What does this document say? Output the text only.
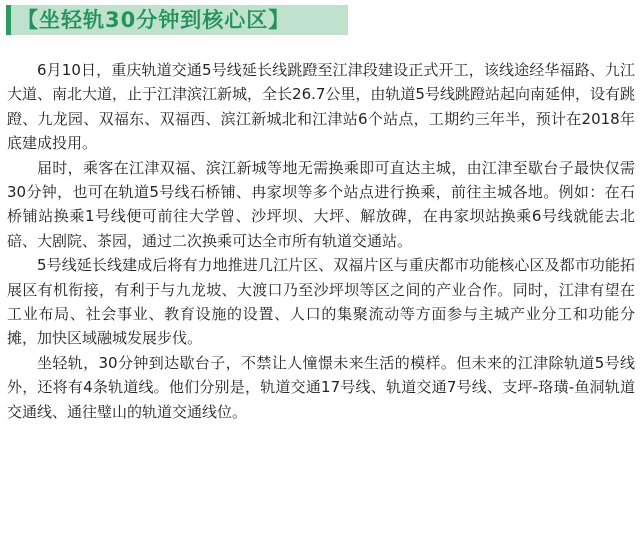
【坐轻轨30分钟到核心区】

6月10日，重庆轨道交通5号线延长线跳蹬至江津段建设正式开工，该线途经华福路、九江大道、南北大道，止于江津滨江新城，全长26.7公里，由轨道5号线跳蹬站起向南延伸，设有跳蹬、九龙园、双福东、双福西、滨江新城北和江津站6个站点，工期约三年半，预计在2018年底建成投用。

届时，乘客在江津双福、滨江新城等地无需换乘即可直达主城，由江津至歇台子最快仅需30分钟，也可在轨道5号线石桥铺、冉家坝等多个站点进行换乘，前往主城各地。例如：在石桥铺站换乘1号线便可前往大学曾、沙坪坝、大坪、解放碑，在冉家坝站换乘6号线就能去北碚、大剧院、茶园，通过二次换乘可达全市所有轨道交通站。

5号线延长线建成后将有力地推进几江片区、双福片区与重庆都市功能核心区及都市功能拓展区有机衔接，有利于与九龙坡、大渡口乃至沙坪坝等区之间的产业合作。同时，江津有望在工业布局、社会事业、教育设施的设置、人口的集聚流动等方面参与主城产业分工和功能分摊，加快区域融城发展步伐。

坐轻轨，30分钟到达歇台子，不禁让人憧憬未来生活的模样。但未来的江津除轨道5号线外，还将有4条轨道线。他们分别是，轨道交通17号线、轨道交通7号线、支坪-珞璜-鱼洞轨道交通线、通往璧山的轨道交通线位。
